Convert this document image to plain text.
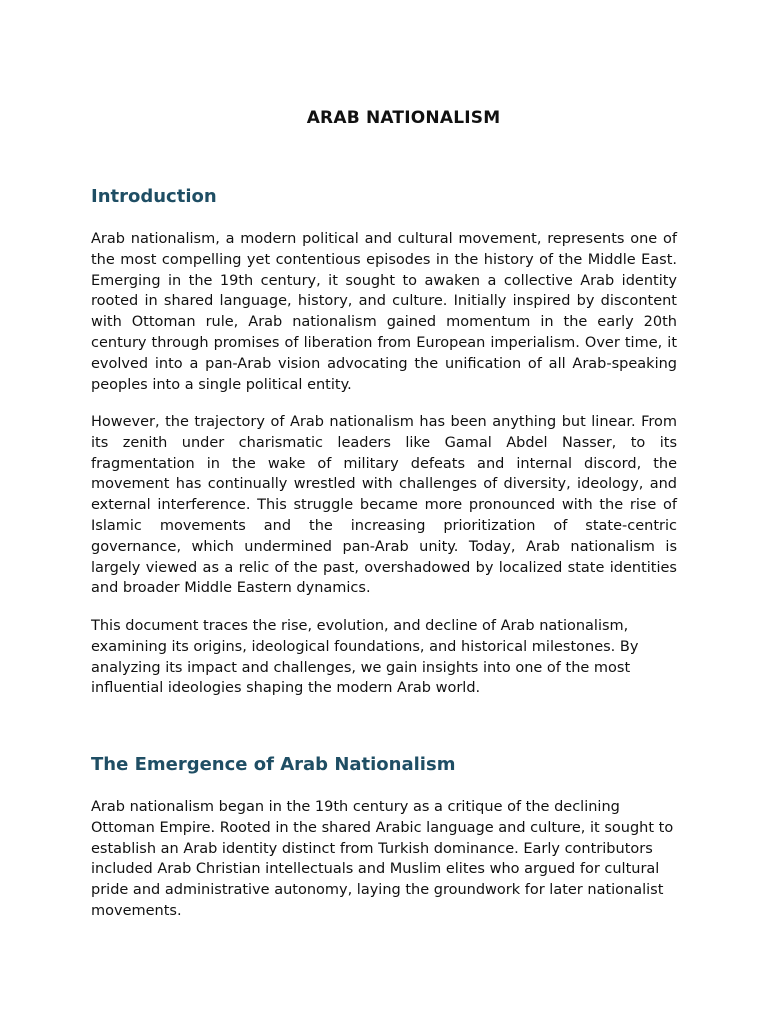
ARAB NATIONALISM
Introduction

Arab nationalism, a modern political and cultural movement, represents one of the most compelling yet contentious episodes in the history of the Middle East. Emerging in the 19th century, it sought to awaken a collective Arab identity rooted in shared language, history, and culture. Initially inspired by discontent with Ottoman rule, Arab nationalism gained momentum in the early 20th century through promises of liberation from European imperialism. Over time, it evolved into a pan-Arab vision advocating the unification of all Arab-speaking peoples into a single political entity.

However, the trajectory of Arab nationalism has been anything but linear. From its zenith under charismatic leaders like Gamal Abdel Nasser, to its fragmentation in the wake of military defeats and internal discord, the movement has continually wrestled with challenges of diversity, ideology, and external interference. This struggle became more pronounced with the rise of Islamic movements and the increasing prioritization of state-centric governance, which undermined pan-Arab unity. Today, Arab nationalism is largely viewed as a relic of the past, overshadowed by localized state identities and broader Middle Eastern dynamics.

This document traces the rise, evolution, and decline of Arab nationalism, examining its origins, ideological foundations, and historical milestones. By analyzing its impact and challenges, we gain insights into one of the most influential ideologies shaping the modern Arab world.

The Emergence of Arab Nationalism

Arab nationalism began in the 19th century as a critique of the declining Ottoman Empire. Rooted in the shared Arabic language and culture, it sought to establish an Arab identity distinct from Turkish dominance. Early contributors included Arab Christian intellectuals and Muslim elites who argued for cultural pride and administrative autonomy, laying the groundwork for later nationalist movements.
